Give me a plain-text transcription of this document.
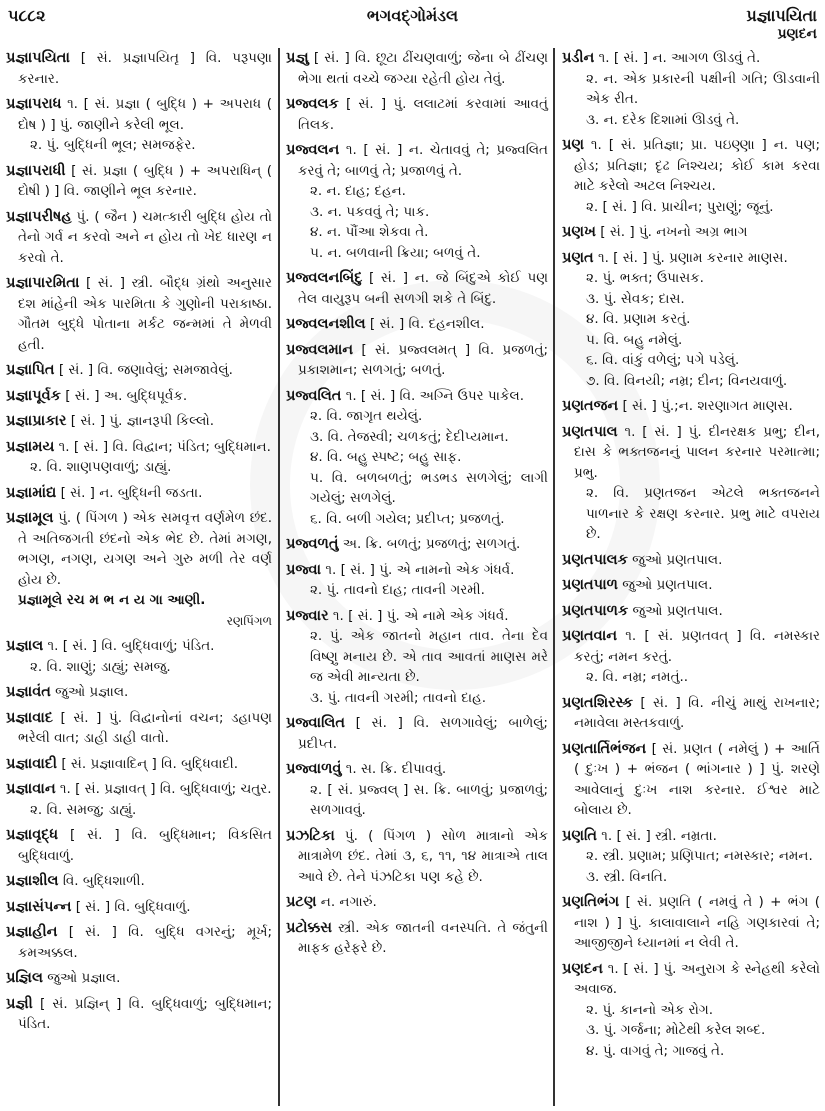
૫૮૮૨	ભગવદ્ગોમંડલ	પ્રજ્ઞાપયિતા
પ્રણદન
પ્રજ્ઞાપયિતા [ સં. પ્રજ્ઞાપયિતૃ ] વિ. પરૂપણા કરનાર.
પ્રજ્ઞાપરાધ ૧. [ સં. પ્રજ્ઞા ( બુદ્ધિ ) + અપરાધ ( દોષ ) ] પું. જાણીને કરેલી ભૂલ.
૨. પું. બુદ્ધિની ભૂલ; સમજફેર.
પ્રજ્ઞાપરાધી [ સં. પ્રજ્ઞા ( બુદ્ધિ ) + અપરાધિન્ ( દોષી ) ] વિ. જાણીને ભૂલ કરનાર.
પ્રજ્ઞાપરીષહ પું. ( જૈન ) ચમત્કારી બુદ્ધિ હોય તો તેનો ગર્વ ન કરવો અને ન હોય તો ખેદ ધારણ ન કરવો તે.
પ્રજ્ઞાપારમિતા [ સં. ] સ્ત્રી. બૌદ્ધ ગ્રંથો અનુસાર દશ માંહેની એક પારમિતા કે ગુણોની પરાકાષ્ઠા. ગૌતમ બુદ્ધે પોતાના મર્કટ જન્મમાં તે મેળવી હતી.
પ્રજ્ઞાપિત [ સં. ] વિ. જણાવેલું; સમજાવેલું.
પ્રજ્ઞાપૂર્વક [ સં. ] અ. બુદ્ધિપૂર્વક.
પ્રજ્ઞાપ્રાકાર [ સં. ] પું. જ્ઞાનરૂપી કિલ્લો.
પ્રજ્ઞામય ૧. [ સં. ] વિ. વિદ્વાન; પંડિત; બુદ્ધિમાન.
૨. વિ. શાણપણવાળું; ડાહ્યું.
પ્રજ્ઞામાંદ્ય [ સં. ] ન. બુદ્ધિની જડતા.
પ્રજ્ઞામૂલ પું. ( પિંગળ ) એક સમવૃત્ત વર્ણમેળ છંદ. તે અતિજગતી છંદનો એક ભેદ છે. તેમાં મગણ, ભગણ, નગણ, યગણ અને ગુરુ મળી તેર વર્ણ હોય છે.
પ્રજ્ઞામૂલે રચ મ ભ ન ય ગા આણી.
રણપિંગળ
પ્રજ્ઞાલ ૧. [ સં. ] વિ. બુદ્ધિવાળું; પંડિત.
૨. વિ. શાણું; ડાહ્યું; સમજુ.
પ્રજ્ઞાવંત જુઓ પ્રજ્ઞાલ.
પ્રજ્ઞાવાદ [ સં. ] પું. વિદ્વાનોનાં વચન; ડહાપણ ભરેલી વાત; ડાહી ડાહી વાતો.
પ્રજ્ઞાવાદી [ સં. પ્રજ્ઞાવાદિન્ ] વિ. બુદ્ધિવાદી.
પ્રજ્ઞાવાન ૧. [ સં. પ્રજ્ઞાવત્ ] વિ. બુદ્ધિવાળું; ચતુર.
૨. વિ. સમજુ; ડાહ્યું.
પ્રજ્ઞાવૃદ્ધ [ સં. ] વિ. બુદ્ધિમાન; વિકસિત બુદ્ધિવાળું.
પ્રજ્ઞાશીલ વિ. બુદ્ધિશાળી.
પ્રજ્ઞાસંપન્ન [ સં. ] વિ. બુદ્ધિવાળું.
પ્રજ્ઞાહીન [ સં. ] વિ. બુદ્ધિ વગરનું; મૂર્ખ; કમઅક્કલ.
પ્રજ્ઞિલ જુઓ પ્રજ્ઞાલ.
પ્રજ્ઞી [ સં. પ્રજ્ઞિન્ ] વિ. બુદ્ધિવાળું; બુદ્ધિમાન; પંડિત.
પ્રજ્ઞુ [ સં. ] વિ. છૂટા ઢીંચણવાળું; જેના બે ઢીંચણ ભેગા થતાં વચ્ચે જગ્યા રહેતી હોય તેવું.
પ્રજ્વલક [ સં. ] પું. લલાટમાં કરવામાં આવતું તિલક.
પ્રજ્વલન ૧. [ સં. ] ન. ચેતાવવું તે; પ્રજ્વલિત કરવું તે; બાળવું તે; પ્રજાળવું તે.
૨. ન. દાહ; દહન.
૩. ન. પકવવું તે; પાક.
૪. ન. પૌંઆ શેકવા તે.
૫. ન. બળવાની ક્રિયા; બળવું તે.
પ્રજ્વલનબિંદુ [ સં. ] ન. જે બિંદુએ કોઈ પણ તેલ વાયુરૂપ બની સળગી શકે તે બિંદુ.
પ્રજ્વલનશીલ [ સં. ] વિ. દહનશીલ.
પ્રજ્વલમાન [ સં. પ્રજ્વલમત્ ] વિ. પ્રજળતું; પ્રકાશમાન; સળગતું; બળતું.
પ્રજ્વલિત ૧. [ સં. ] વિ. અગ્નિ ઉપર પાકેલ.
૨. વિ. જાગૃત થયેલું.
૩. વિ. તેજસ્વી; ચળકતું; દેદીપ્યમાન.
૪. વિ. બહુ સ્પષ્ટ; બહુ સાફ.
૫. વિ. બળબળતું; ભડભડ સળગેલું; લાગી ગયેલું; સળગેલું.
૬. વિ. બળી ગયેલ; પ્રદીપ્ત; પ્રજળતું.
પ્રજ્વળતું અ. ક્રિ. બળતું; પ્રજળતું; સળગતું.
પ્રજ્વા ૧. [ સં. ] પું. એ નામનો એક ગંધર્વ.
૨. પું. તાવનો દાહ; તાવની ગરમી.
પ્રજ્વાર ૧. [ સં. ] પું. એ નામે એક ગંધર્વ.
૨. પું. એક જાતનો મહાન તાવ. તેના દેવ વિષ્ણુ મનાય છે. એ તાવ આવતાં માણસ મરે જ એવી માન્યતા છે.
૩. પું. તાવની ગરમી; તાવનો દાહ.
પ્રજ્વાલિત [ સં. ] વિ. સળગાવેલું; બાળેલું; પ્રદીપ્ત.
પ્રજ્વાળવું ૧. સ. ક્રિ. દીપાવવું.
૨. [ સં. પ્રજ્વલ્ ] સ. ક્રિ. બાળવું; પ્રજાળવું; સળગાવવું.
પ્રઝટિકા પું. ( પિંગળ ) સોળ માત્રાનો એક માત્રામેળ છંદ. તેમાં ૩, ૬, ૧૧, ૧૪ માત્રાએ તાલ આવે છે. તેને પંઝટિકા પણ કહે છે.
પ્રટણ ન. નગારું.
પ્રટોક્કસ સ્ત્રી. એક જાતની વનસ્પતિ. તે જંતુની માફક હરેફરે છે.
પ્રડીન ૧. [ સં. ] ન. આગળ ઊડવું તે.
૨. ન. એક પ્રકારની પક્ષીની ગતિ; ઊડવાની એક રીત.
૩. ન. દરેક દિશામાં ઊડવું તે.
પ્રણ ૧. [ સં. પ્રતિજ્ઞા; પ્રા. પઇણ્ણા ] ન. પણ; હોડ; પ્રતિજ્ઞા; દૃઢ નિશ્ચય; કોઈ કામ કરવા માટે કરેલો અટલ નિશ્ચય.
૨. [ સં. ] વિ. પ્રાચીન; પુરાણું; જૂનું.
પ્રણખ [ સં. ] પું. નખનો અગ્ર ભાગ
પ્રણત ૧. [ સં. ] પું. પ્રણામ કરનાર માણસ.
૨. પું. ભક્ત; ઉપાસક.
૩. પું. સેવક; દાસ.
૪. વિ. પ્રણામ કરતું.
૫. વિ. બહુ નમેલું.
૬. વિ. વાંકું વળેલું; પગે પડેલું.
૭. વિ. વિનયી; નમ્ર; દીન; વિનયવાળું.
પ્રણતજન [ સં. ] પું.;ન. શરણાગત માણસ.
પ્રણતપાલ ૧. [ સં. ] પું. દીનરક્ષક પ્રભુ; દીન, દાસ કે ભક્તજનનું પાલન કરનાર પરમાત્મા; પ્રભુ.
૨. વિ. પ્રણતજન એટલે ભક્તજનને પાળનાર કે રક્ષણ કરનાર. પ્રભુ માટે વપરાય છે.
પ્રણતપાલક જુઓ પ્રણતપાલ.
પ્રણતપાળ જુઓ પ્રણતપાલ.
પ્રણતપાળક જુઓ પ્રણતપાલ.
પ્રણતવાન ૧. [ સં. પ્રણતવત્ ] વિ. નમસ્કાર કરતું; નમન કરતું.
૨. વિ. નમ્ર; નમતું..
પ્રણતશિરસ્ક [ સં. ] વિ. નીચું માથું રાખનાર; નમાવેલા મસ્તકવાળું.
પ્રણતાર્તિભંજન [ સં. પ્રણત ( નમેલું ) + આર્તિ ( દુઃખ ) + ભંજન ( ભાંગનાર ) ] પું. શરણે આવેલાનું દુઃખ નાશ કરનાર. ઈશ્વર માટે બોલાય છે.
પ્રણતિ ૧. [ સં. ] સ્ત્રી. નમ્રતા.
૨. સ્ત્રી. પ્રણામ; પ્રણિપાત; નમસ્કાર; નમન.
૩. સ્ત્રી. વિનતિ.
પ્રણતિભંગ [ સં. પ્રણતિ ( નમવું તે ) + ભંગ ( નાશ ) ] પું. કાલાવાલાને નહિ ગણકારવાં તે; આજીજીને ધ્યાનમાં ન લેવી તે.
પ્રણદન ૧. [ સં. ] પું. અનુરાગ કે સ્નેહથી કરેલો અવાજ.
૨. પું. કાનનો એક રોગ.
૩. પું. ગર્જના; મોટેથી કરેલ શબ્દ.
૪. પું. વાગવું તે; ગાજવું તે.
